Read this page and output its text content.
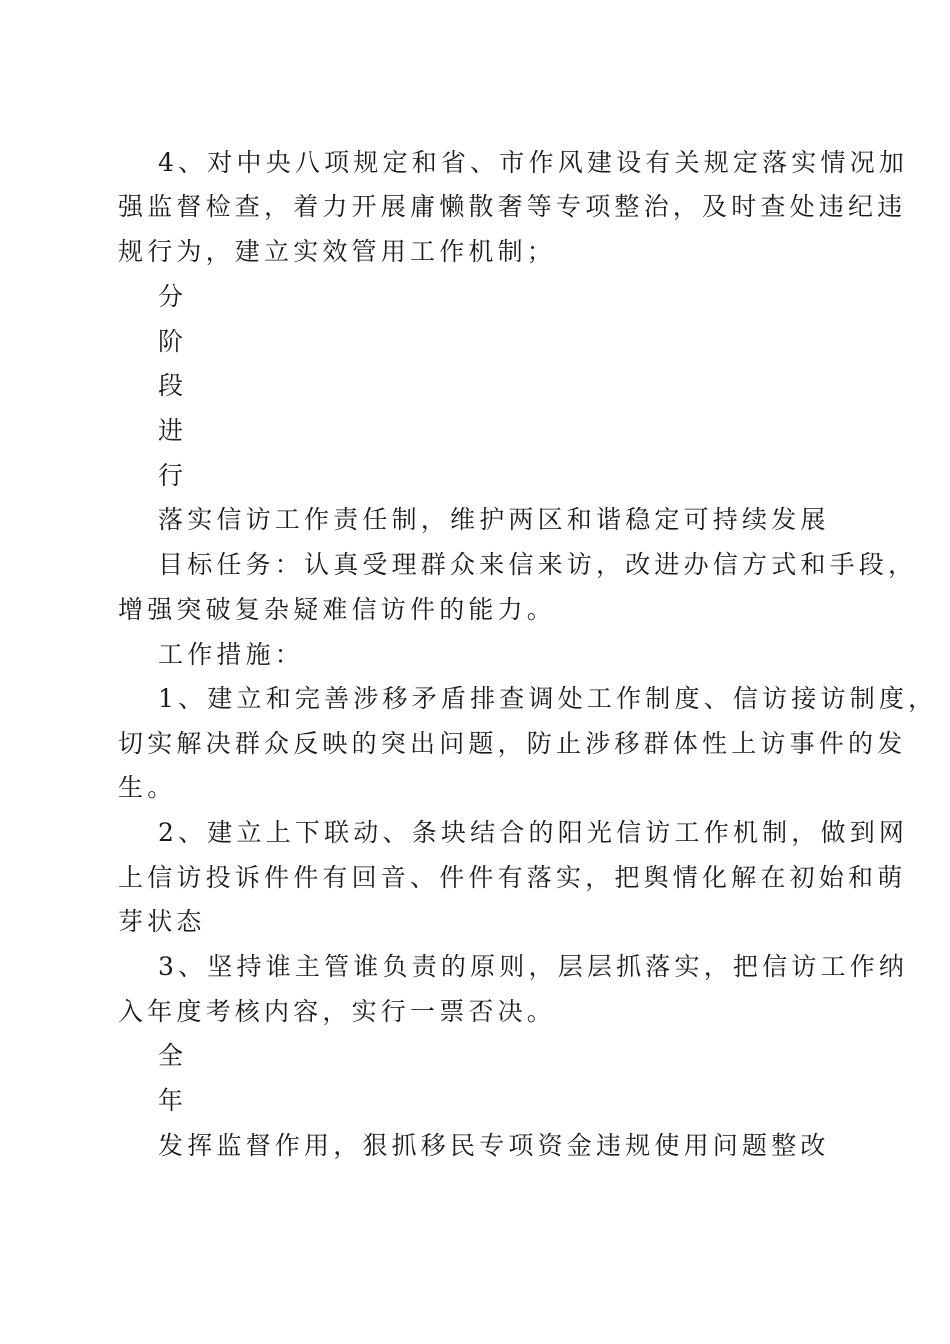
4、对中央八项规定和省、市作风建设有关规定落实情况加
强监督检查，着力开展庸懒散奢等专项整治，及时查处违纪违
规行为，建立实效管用工作机制；
分
阶
段
进
行
落实信访工作责任制，维护两区和谐稳定可持续发展
目标任务：认真受理群众来信来访，改进办信方式和手段，
增强突破复杂疑难信访件的能力。
工作措施：
1、建立和完善涉移矛盾排查调处工作制度、信访接访制度，
切实解决群众反映的突出问题，防止涉移群体性上访事件的发
生。
2、建立上下联动、条块结合的阳光信访工作机制，做到网
上信访投诉件件有回音、件件有落实，把舆情化解在初始和萌
芽状态
3、坚持谁主管谁负责的原则，层层抓落实，把信访工作纳
入年度考核内容，实行一票否决。
全
年
发挥监督作用，狠抓移民专项资金违规使用问题整改
